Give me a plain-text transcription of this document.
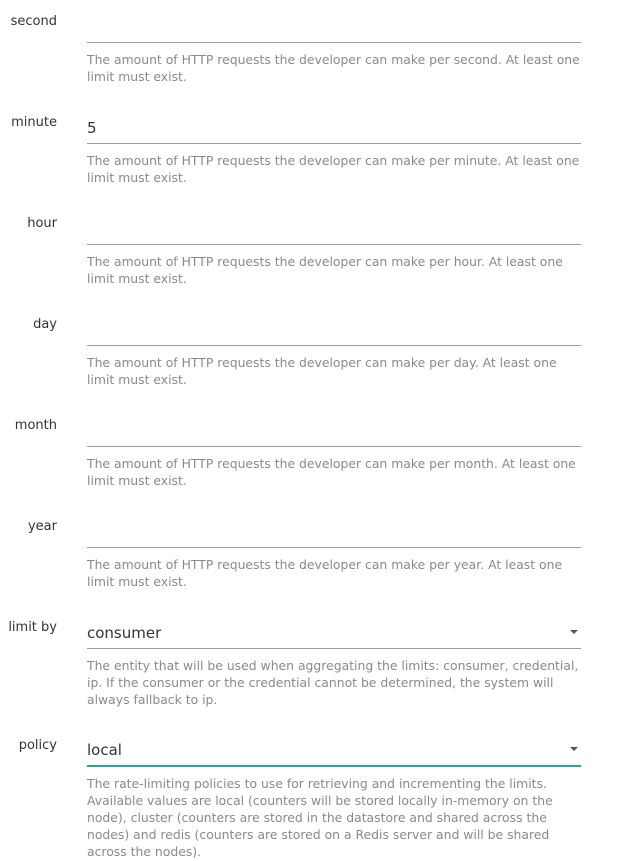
second
The amount of HTTP requests the developer can make per second. At least one limit must exist.
minute
5
The amount of HTTP requests the developer can make per minute. At least one limit must exist.
hour
The amount of HTTP requests the developer can make per hour. At least one limit must exist.
day
The amount of HTTP requests the developer can make per day. At least one limit must exist.
month
The amount of HTTP requests the developer can make per month. At least one limit must exist.
year
The amount of HTTP requests the developer can make per year. At least one limit must exist.
limit by consumer
The entity that will be used when aggregating the limits: consumer, credential, ip. If the consumer or the credential cannot be determined, the system will always fallback to ip.
policy local
The rate-limiting policies to use for retrieving and incrementing the limits. Available values are local (counters will be stored locally in-memory on the node), cluster (counters are stored in the datastore and shared across the nodes) and redis (counters are stored on a Redis server and will be shared across the nodes).
